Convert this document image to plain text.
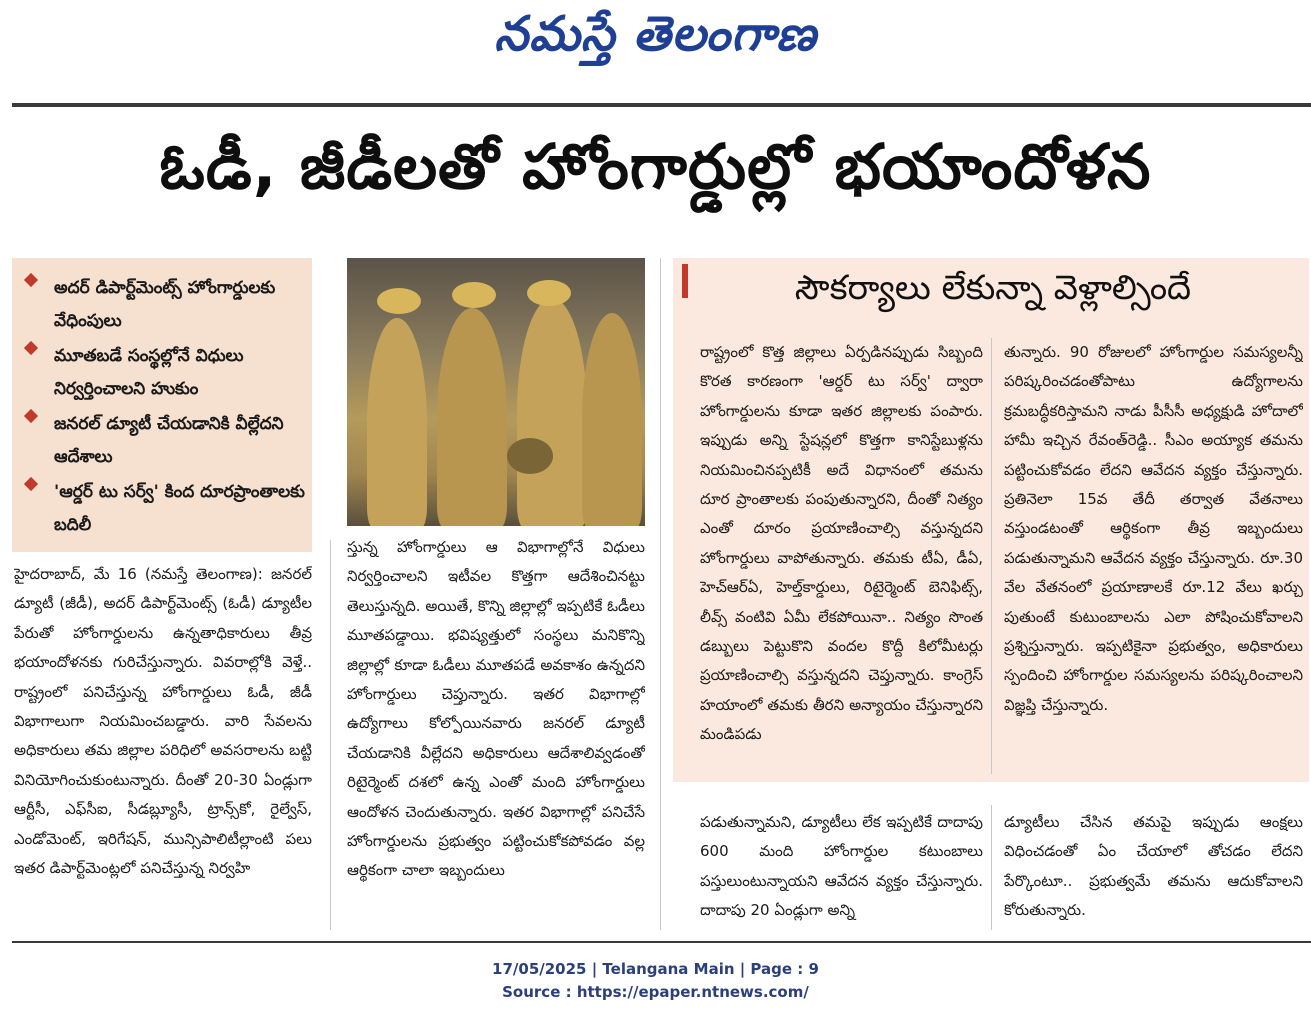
నమస్తే తెలంగాణ
ఓడీ, జీడీలతో హోంగార్డుల్లో భయాందోళన
అదర్ డిపార్ట్‌మెంట్స్ హోంగార్డులకు వేధింపులు
మూతబడే సంస్థల్లోనే విధులు నిర్వర్తించాలని హుకుం
జనరల్ డ్యూటీ చేయడానికి వీల్లేదని ఆదేశాలు
'ఆర్డర్ టు సర్వ్' కింద దూరప్రాంతాలకు బదిలీ
సౌకర్యాలు లేకున్నా వెళ్లాల్సిందే
హైదరాబాద్, మే 16 (నమస్తే తెలంగాణ): జనరల్ డ్యూటీ (జీడీ), అదర్ డిపార్ట్‌మెంట్స్ (ఓడీ) డ్యూటీల పేరుతో హోంగార్డులను ఉన్నతాధికారులు తీవ్ర భయాందోళనకు గురిచేస్తున్నారు. వివరాల్లోకి వెళ్తే.. రాష్ట్రంలో పనిచేస్తున్న హోంగార్డులు ఓడీ, జీడీ విభాగాలుగా నియమించబడ్డారు. వారి సేవలను అధికారులు తమ జిల్లాల పరిధిలో అవసరాలను బట్టి వినియోగించుకుంటున్నారు. దీంతో 20-30 ఏండ్లుగా ఆర్టీసీ, ఎఫ్‌సీఐ, సీడబ్ల్యూసీ, ట్రాన్స్‌కో, రైల్వేస్, ఎండోమెంట్, ఇరిగేషన్, మున్సిపాలిటీల్లాంటి పలు ఇతర డిపార్ట్‌మెంట్లలో పనిచేస్తున్న నిర్వహి
స్తున్న హోంగార్డులు ఆ విభాగాల్లోనే విధులు నిర్వర్తించాలని ఇటీవల కొత్తగా ఆదేశించినట్టు తెలుస్తున్నది. అయితే, కొన్ని జిల్లాల్లో ఇప్పటికే ఓడీలు మూతపడ్డాయి. భవిష్యత్తులో సంస్థలు మనికొన్ని జిల్లాల్లో కూడా ఓడీలు మూతపడే అవకాశం ఉన్నదని హోంగార్డులు చెప్తున్నారు. ఇతర విభాగాల్లో ఉద్యోగాలు కోల్పోయినవారు జనరల్ డ్యూటీ చేయడానికి వీల్లేదని అధికారులు ఆదేశాలివ్వడంతో రిటైర్మెంట్ దశలో ఉన్న ఎంతో మంది హోంగార్డులు ఆందోళన చెందుతున్నారు. ఇతర విభాగాల్లో పనిచేసే హోంగార్డులను ప్రభుత్వం పట్టించుకోకపోవడం వల్ల ఆర్థికంగా చాలా ఇబ్బందులు
రాష్ట్రంలో కొత్త జిల్లాలు ఏర్పడినప్పుడు సిబ్బంది కొరత కారణంగా 'ఆర్డర్ టు సర్వ్' ద్వారా హోంగార్డులను కూడా ఇతర జిల్లాలకు పంపారు. ఇప్పుడు అన్ని స్టేషన్లలో కొత్తగా కానిస్టేబుళ్లను నియమించినప్పటికీ అదే విధానంలో తమను దూర ప్రాంతాలకు పంపుతున్నారని, దీంతో నిత్యం ఎంతో దూరం ప్రయాణించాల్సి వస్తున్నదని హోంగార్డులు వాపోతున్నారు. తమకు టీఏ, డీఏ, హెచ్‌ఆర్ఏ, హెల్త్‌కార్డులు, రిటైర్మెంట్ బెనిఫిట్స్, లీవ్స్ వంటివి ఏమీ లేకపోయినా.. నిత్యం సొంత డబ్బులు పెట్టుకొని వందల కొద్దీ కిలోమీటర్లు ప్రయాణించాల్సి వస్తున్నదని చెప్తున్నారు. కాంగ్రెస్ హయాంలో తమకు తీరని అన్యాయం చేస్తున్నారని మండిపడు
తున్నారు. 90 రోజులలో హోంగార్డుల సమస్యలన్నీ పరిష్కరించడంతోపాటు ఉద్యోగాలను క్రమబద్ధీకరిస్తామని నాడు పీసీసీ అధ్యక్షుడి హోదాలో హామీ ఇచ్చిన రేవంత్‌రెడ్డి.. సీఎం అయ్యాక తమను పట్టించుకోవడం లేదని ఆవేదన వ్యక్తం చేస్తున్నారు. ప్రతినెలా 15వ తేదీ తర్వాత వేతనాలు వస్తుండటంతో ఆర్థికంగా తీవ్ర ఇబ్బందులు పడుతున్నామని ఆవేదన వ్యక్తం చేస్తున్నారు. రూ.30 వేల వేతనంలో ప్రయాణాలకే రూ.12 వేలు ఖర్చు పుతుంటే కుటుంబాలను ఎలా పోషించుకోవాలని ప్రశ్నిస్తున్నారు. ఇప్పటికైనా ప్రభుత్వం, అధికారులు స్పందించి హోంగార్డుల సమస్యలను పరిష్కరించాలని విజ్ఞప్తి చేస్తున్నారు.
పడుతున్నామని, డ్యూటీలు లేక ఇప్పటికే దాదాపు 600 మంది హోంగార్డుల కటుంబాలు పస్తులుంటున్నాయని ఆవేదన వ్యక్తం చేస్తున్నారు. దాదాపు 20 ఏండ్లుగా అన్ని
డ్యూటీలు చేసిన తమపై ఇప్పుడు ఆంక్షలు విధించడంతో ఏం చేయాలో తోచడం లేదని పేర్కొంటూ.. ప్రభుత్వమే తమను ఆదుకోవాలని కోరుతున్నారు.
17/05/2025 | Telangana Main | Page : 9
Source : https://epaper.ntnews.com/
